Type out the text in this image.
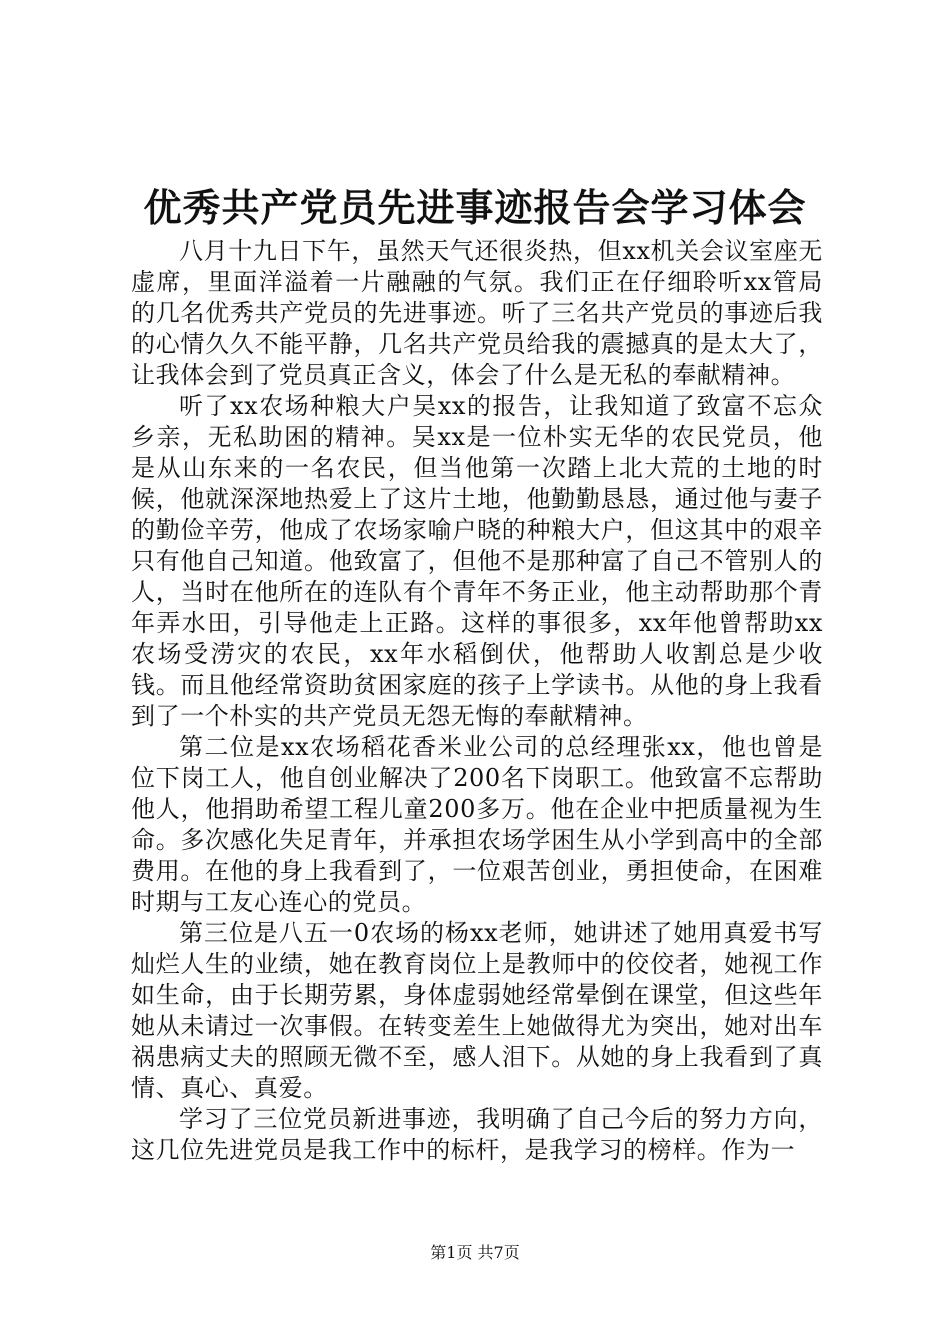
优秀共产党员先进事迹报告会学习体会

八月十九日下午，虽然天气还很炎热，但xx机关会议室座无虚席，里面洋溢着一片融融的气氛。我们正在仔细聆听xx管局的几名优秀共产党员的先进事迹。听了三名共产党员的事迹后我的心情久久不能平静，几名共产党员给我的震撼真的是太大了，让我体会到了党员真正含义，体会了什么是无私的奉献精神。

听了xx农场种粮大户吴xx的报告，让我知道了致富不忘众乡亲，无私助困的精神。吴xx是一位朴实无华的农民党员，他是从山东来的一名农民，但当他第一次踏上北大荒的土地的时候，他就深深地热爱上了这片土地，他勤勤恳恳，通过他与妻子的勤俭辛劳，他成了农场家喻户晓的种粮大户，但这其中的艰辛只有他自己知道。他致富了，但他不是那种富了自己不管别人的人，当时在他所在的连队有个青年不务正业，他主动帮助那个青年弄水田，引导他走上正路。这样的事很多，xx年他曾帮助xx农场受涝灾的农民，xx年水稻倒伏，他帮助人收割总是少收钱。而且他经常资助贫困家庭的孩子上学读书。从他的身上我看到了一个朴实的共产党员无怨无悔的奉献精神。

第二位是xx农场稻花香米业公司的总经理张xx，他也曾是位下岗工人，他自创业解决了200名下岗职工。他致富不忘帮助他人，他捐助希望工程儿童200多万。他在企业中把质量视为生命。多次感化失足青年，并承担农场学困生从小学到高中的全部费用。在他的身上我看到了，一位艰苦创业，勇担使命，在困难时期与工友心连心的党员。

第三位是八五一0农场的杨xx老师，她讲述了她用真爱书写灿烂人生的业绩，她在教育岗位上是教师中的佼佼者，她视工作如生命，由于长期劳累，身体虚弱她经常晕倒在课堂，但这些年她从未请过一次事假。在转变差生上她做得尤为突出，她对出车祸患病丈夫的照顾无微不至，感人泪下。从她的身上我看到了真情、真心、真爱。

学习了三位党员新进事迹，我明确了自己今后的努力方向，这几位先进党员是我工作中的标杆，是我学习的榜样。作为一

第1页 共7页
